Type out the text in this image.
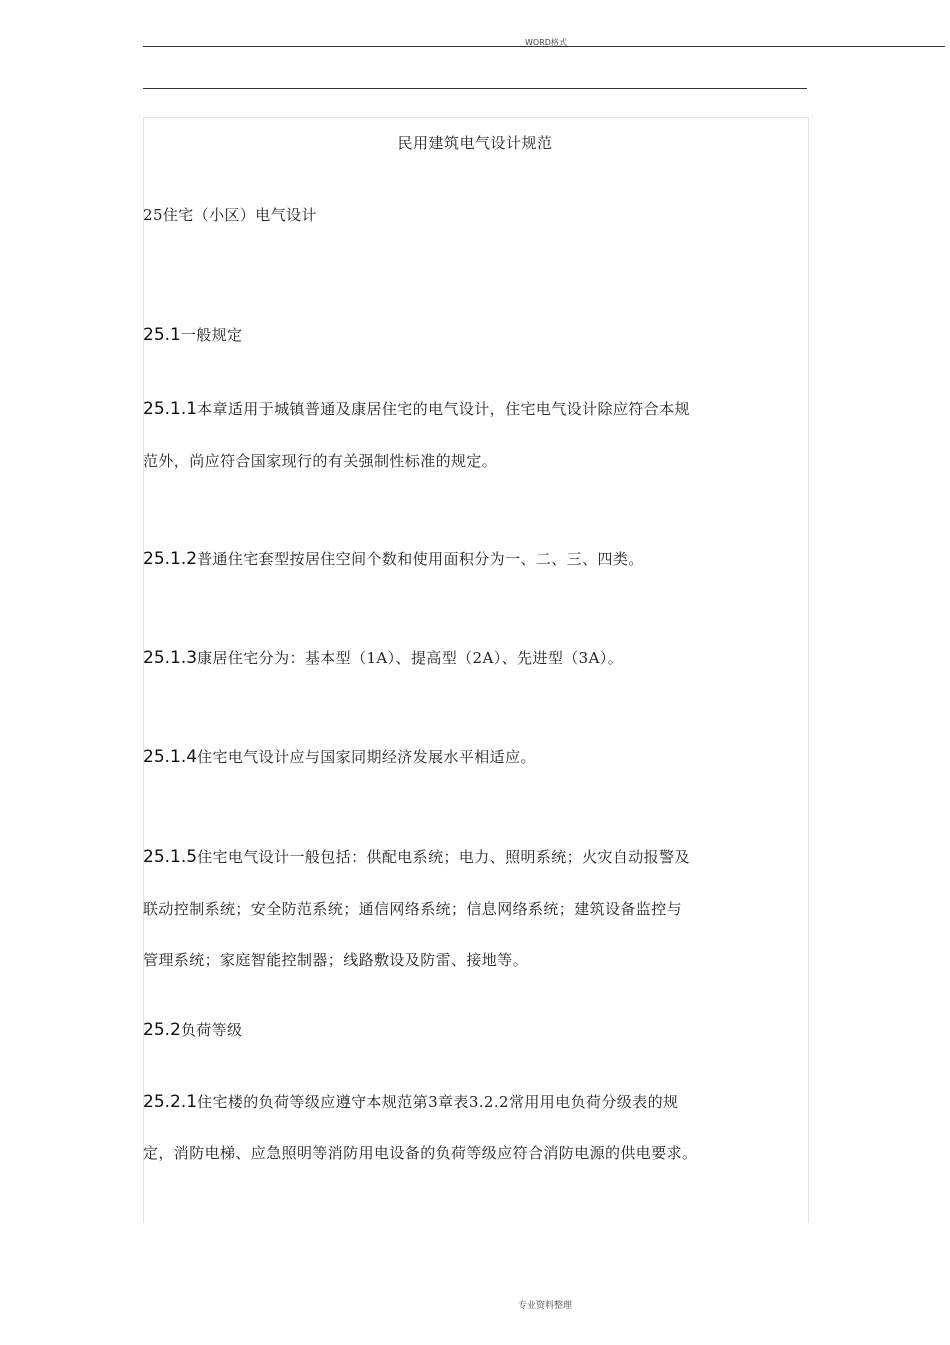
WORD格式
民用建筑电气设计规范
25住宅（小区）电气设计
25.1一般规定
25.1.1本章适用于城镇普通及康居住宅的电气设计，住宅电气设计除应符合本规
范外，尚应符合国家现行的有关强制性标准的规定。
25.1.2普通住宅套型按居住空间个数和使用面积分为一、二、三、四类。
25.1.3康居住宅分为：基本型（1A）、提高型（2A）、先进型（3A）。
25.1.4住宅电气设计应与国家同期经济发展水平相适应。
25.1.5住宅电气设计一般包括：供配电系统；电力、照明系统；火灾自动报警及
联动控制系统；安全防范系统；通信网络系统；信息网络系统；建筑设备监控与
管理系统；家庭智能控制器；线路敷设及防雷、接地等。
25.2负荷等级
25.2.1住宅楼的负荷等级应遵守本规范第3章表3.2.2常用用电负荷分级表的规
定，消防电梯、应急照明等消防用电设备的负荷等级应符合消防电源的供电要求。
专业资料整理
